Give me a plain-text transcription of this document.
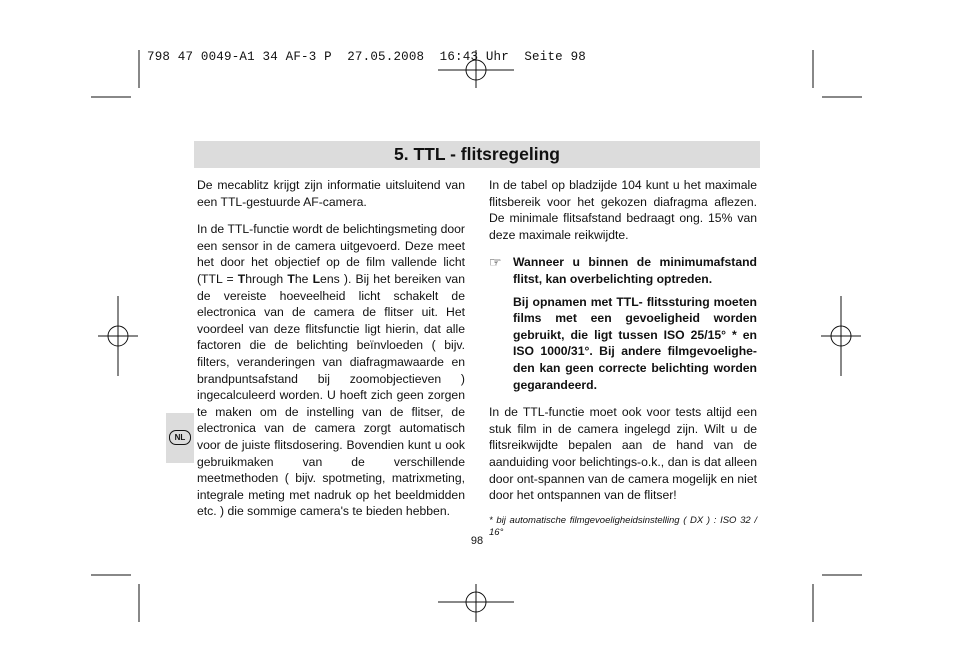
798 47 0049-A1 34 AF-3 P  27.05.2008  16:43 Uhr  Seite 98
5. TTL - flitsregeling
NL

De mecablitz krijgt zijn informatie uitsluitend van een TTL-gestuurde AF-camera.

In de TTL-functie wordt de belichtingsmeting door een sensor in de camera uitgevoerd. Deze meet het door het objectief op de film vallende licht (TTL = Through The Lens ). Bij het bereiken van de vereiste hoeveelheid licht schakelt de electronica van de camera de flitser uit. Het voordeel van deze flitsfunctie ligt hierin, dat alle factoren die de belichting beïnvloeden ( bijv. filters, veranderingen van diafragmawaarde en brandpuntsafstand bij zoomobjectieven ) ingecalculeerd worden. U hoeft zich geen zorgen te maken om de instelling van de flitser, de electronica van de camera zorgt automatisch voor de juiste flitsdosering. Bovendien kunt u ook gebruikmaken van de verschillende meetmethoden ( bijv. spotmeting, matrixmeting, integrale meting met nadruk op het beeldmidden etc. ) die sommige camera's te bieden hebben.

In de tabel op bladzijde 104 kunt u het maximale flitsbereik voor het gekozen diafragma aflezen. De minimale flitsafstand bedraagt ong. 15% van deze maximale reikwijdte.

☞ Wanneer u binnen de minimumafstand flitst, kan overbelichting optreden.

Bij opnamen met TTL- flitssturing moeten films met een gevoeligheid worden gebruikt, die ligt tussen ISO 25/15° * en ISO 1000/31°. Bij andere filmgevoelighe-den kan geen correcte belichting worden gegarandeerd.

In de TTL-functie moet ook voor tests altijd een stuk film in de camera ingelegd zijn. Wilt u de flitsreikwijdte bepalen aan de hand van de aanduiding voor belichtings-o.k., dan is dat alleen door ont-spannen van de camera mogelijk en niet door het ontspannen van de flitser!

* bij automatische filmgevoeligheidsinstelling ( DX ) : ISO 32 / 16°

98
